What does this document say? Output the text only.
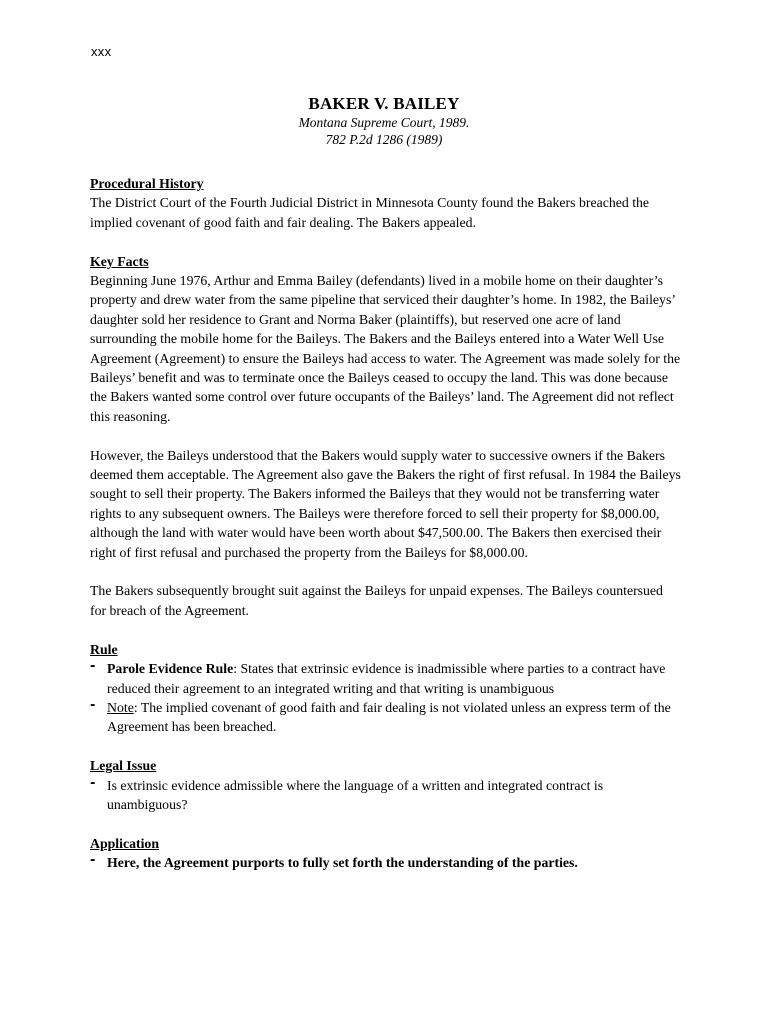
xxx
BAKER V. BAILEY
Montana Supreme Court, 1989.
782 P.2d 1286 (1989)

Procedural History

The District Court of the Fourth Judicial District in Minnesota County found the Bakers breached the implied covenant of good faith and fair dealing. The Bakers appealed.

Key Facts

Beginning June 1976, Arthur and Emma Bailey (defendants) lived in a mobile home on their daughter’s property and drew water from the same pipeline that serviced their daughter’s home. In 1982, the Baileys’ daughter sold her residence to Grant and Norma Baker (plaintiffs), but reserved one acre of land surrounding the mobile home for the Baileys. The Bakers and the Baileys entered into a Water Well Use Agreement (Agreement) to ensure the Baileys had access to water. The Agreement was made solely for the Baileys’ benefit and was to terminate once the Baileys ceased to occupy the land. This was done because the Bakers wanted some control over future occupants of the Baileys’ land. The Agreement did not reflect this reasoning.

However, the Baileys understood that the Bakers would supply water to successive owners if the Bakers deemed them acceptable. The Agreement also gave the Bakers the right of first refusal. In 1984 the Baileys sought to sell their property. The Bakers informed the Baileys that they would not be transferring water rights to any subsequent owners. The Baileys were therefore forced to sell their property for $8,000.00, although the land with water would have been worth about $47,500.00. The Bakers then exercised their right of first refusal and purchased the property from the Baileys for $8,000.00.

The Bakers subsequently brought suit against the Baileys for unpaid expenses. The Baileys countersued for breach of the Agreement.

Rule

- Parole Evidence Rule: States that extrinsic evidence is inadmissible where parties to a contract have reduced their agreement to an integrated writing and that writing is unambiguous
- Note: The implied covenant of good faith and fair dealing is not violated unless an express term of the Agreement has been breached.

Legal Issue

- Is extrinsic evidence admissible where the language of a written and integrated contract is unambiguous?

Application

- Here, the Agreement purports to fully set forth the understanding of the parties.
